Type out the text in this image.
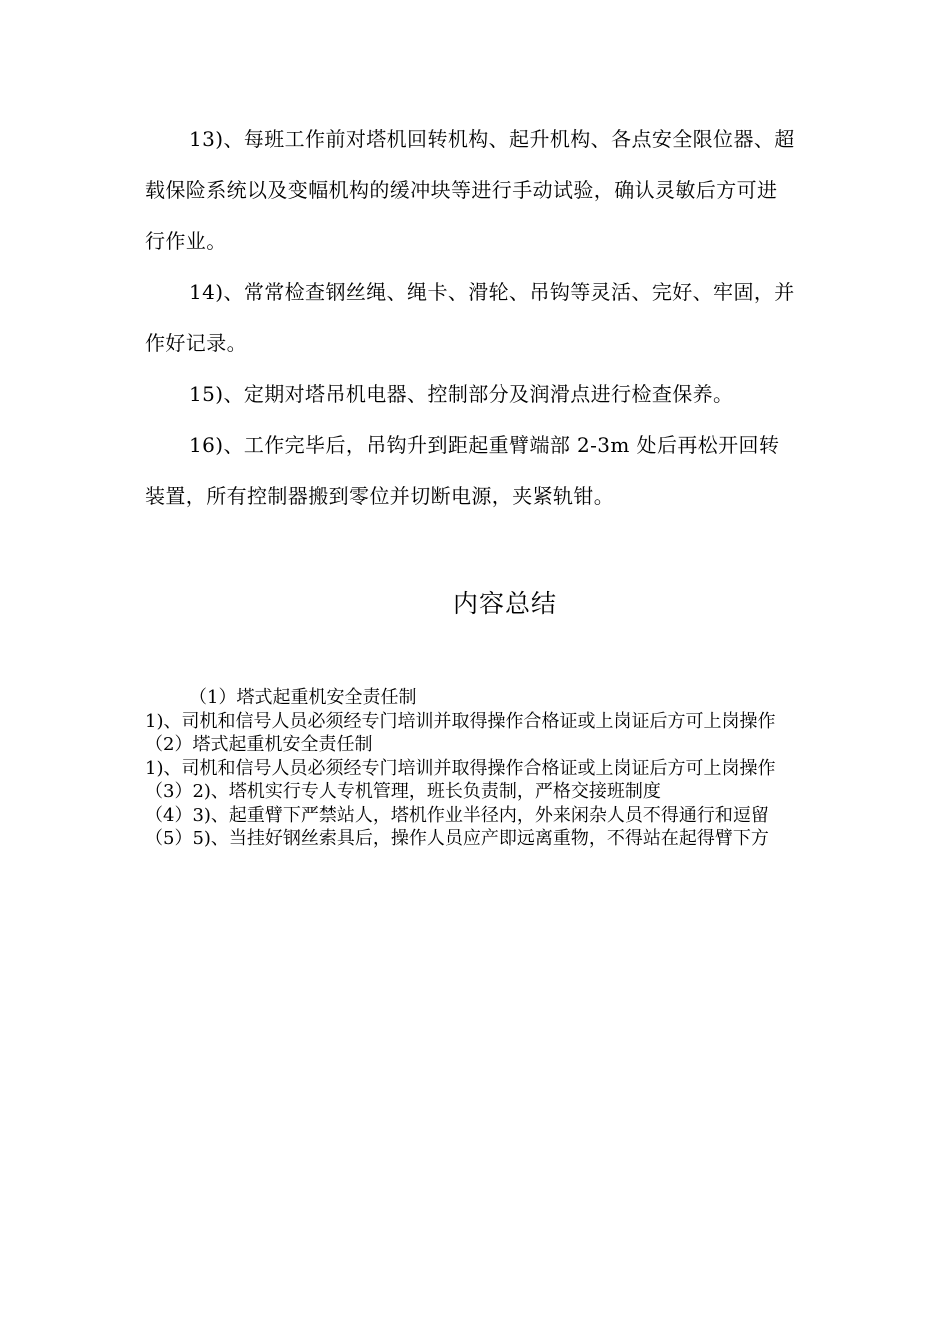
13)、每班工作前对塔机回转机构、起升机构、各点安全限位器、超载保险系统以及变幅机构的缓冲块等进行手动试验，确认灵敏后方可进行作业。

14)、常常检查钢丝绳、绳卡、滑轮、吊钩等灵活、完好、牢固，并作好记录。

15)、定期对塔吊机电器、控制部分及润滑点进行检查保养。

16)、工作完毕后，吊钩升到距起重臂端部 2-3m 处后再松开回转装置，所有控制器搬到零位并切断电源，夹紧轨钳。

内容总结

（1）塔式起重机安全责任制

1)、司机和信号人员必须经专门培训并取得操作合格证或上岗证后方可上岗操作

（2）塔式起重机安全责任制

1)、司机和信号人员必须经专门培训并取得操作合格证或上岗证后方可上岗操作

（3）2)、塔机实行专人专机管理，班长负责制，严格交接班制度

（4）3)、起重臂下严禁站人，塔机作业半径内，外来闲杂人员不得通行和逗留

（5）5)、当挂好钢丝索具后，操作人员应产即远离重物，不得站在起得臂下方
